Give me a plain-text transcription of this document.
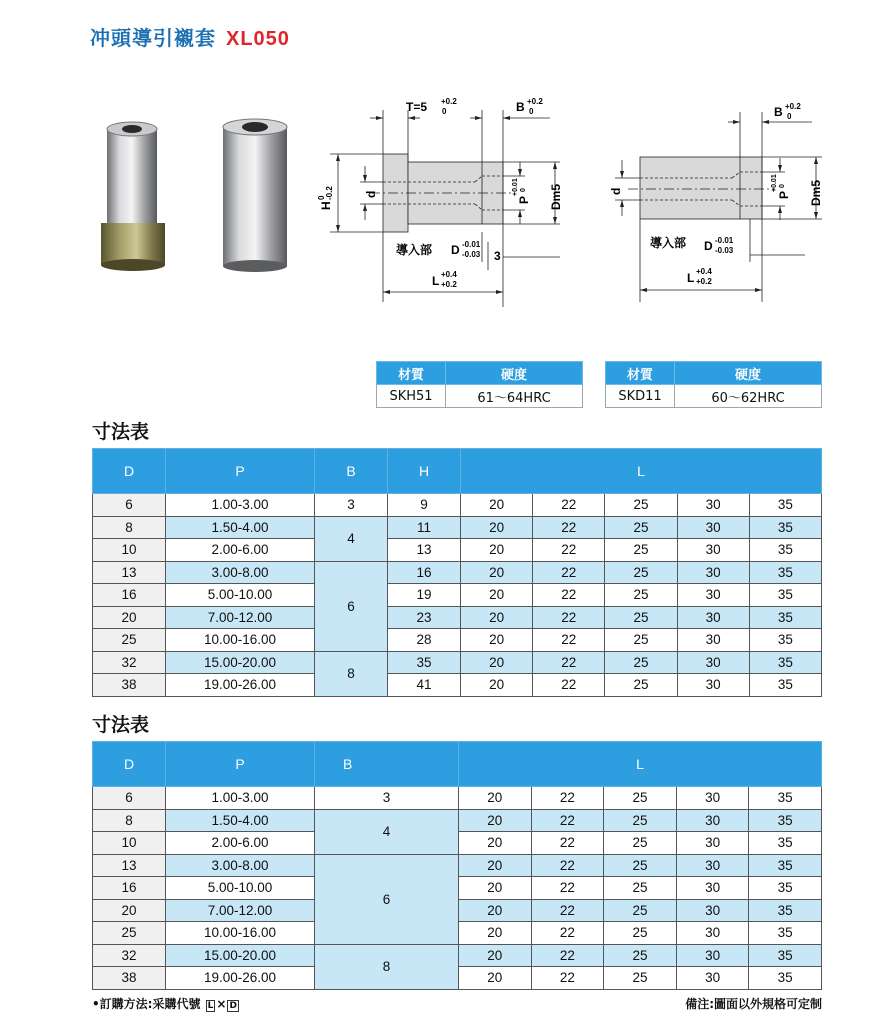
冲頭導引襯套 XL050
T=5 +0.2
0	B +0.2
0
H
0 -0.2	d
P
+0.01 0 Dm5
導入部 D -0.01
-0.03 3
L +0.4
+0.2
B +0.2
0
d	P
+0.01 0 Dm5
導入部 D -0.01
-0.03
L +0.4
+0.2
材質	硬度
SKH51	61～64HRC
材質	硬度
SKD11	60～62HRC
寸法表
D	P	B	H	L				
6	1.00-3.00	3	9	20	22	25	30	35
8	1.50-4.00	4	11	20	22	25	30	35
10	2.00-6.00		13	20	22	25	30	35
13	3.00-8.00	6	16	20	22	25	30	35
16	5.00-10.00		19	20	22	25	30	35
20	7.00-12.00		23	20	22	25	30	35
25	10.00-16.00		28	20	22	25	30	35
32	15.00-20.00	8	35	20	22	25	30	35
38	19.00-26.00		41	20	22	25	30	35
寸法表
D	P	B	L				
6	1.00-3.00	3	20	22	25	30	35
8	1.50-4.00	4	20	22	25	30	35
10	2.00-6.00		20	22	25	30	35
13	3.00-8.00	6	20	22	25	30	35
16	5.00-10.00		20	22	25	30	35
20	7.00-12.00		20	22	25	30	35
25	10.00-16.00		20	22	25	30	35
32	15.00-20.00	8	20	22	25	30	35
38	19.00-26.00		20	22	25	30	35
•訂購方法:采購代號 L × D	備注:圖面以外規格可定制
